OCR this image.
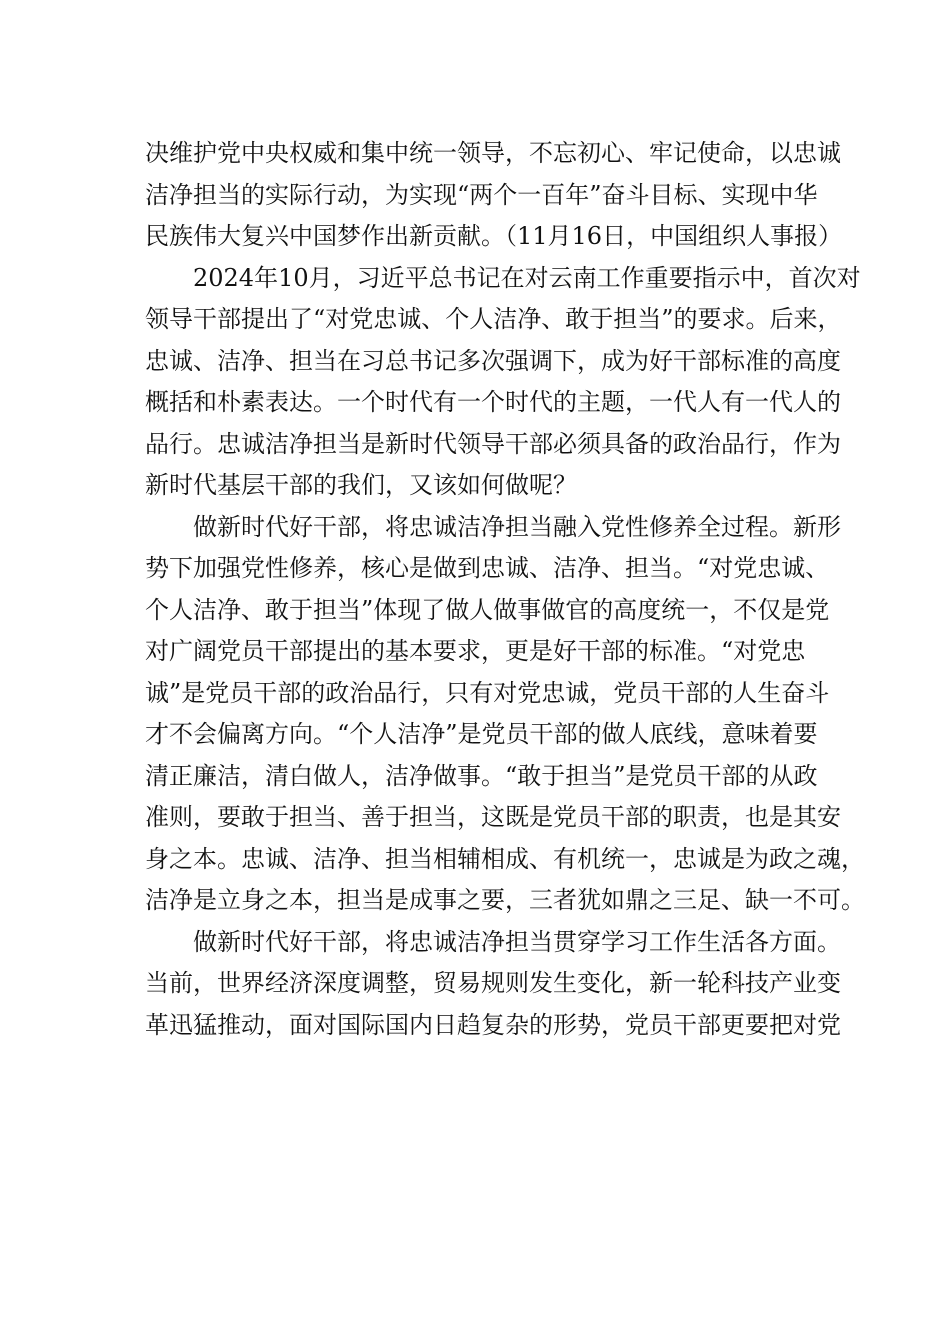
决维护党中央权威和集中统一领导，不忘初心、牢记使命，以忠诚
洁净担当的实际行动，为实现“两个一百年”奋斗目标、实现中华
民族伟大复兴中国梦作出新贡献。（11月16日，中国组织人事报）
2024年10月，习近平总书记在对云南工作重要指示中，首次对
领导干部提出了“对党忠诚、个人洁净、敢于担当”的要求。后来，
忠诚、洁净、担当在习总书记多次强调下，成为好干部标准的高度
概括和朴素表达。一个时代有一个时代的主题，一代人有一代人的
品行。忠诚洁净担当是新时代领导干部必须具备的政治品行，作为
新时代基层干部的我们，又该如何做呢？
做新时代好干部，将忠诚洁净担当融入党性修养全过程。新形
势下加强党性修养，核心是做到忠诚、洁净、担当。“对党忠诚、
个人洁净、敢于担当”体现了做人做事做官的高度统一，不仅是党
对广阔党员干部提出的基本要求，更是好干部的标准。“对党忠
诚”是党员干部的政治品行，只有对党忠诚，党员干部的人生奋斗
才不会偏离方向。“个人洁净”是党员干部的做人底线，意味着要
清正廉洁，清白做人，洁净做事。“敢于担当”是党员干部的从政
准则，要敢于担当、善于担当，这既是党员干部的职责，也是其安
身之本。忠诚、洁净、担当相辅相成、有机统一，忠诚是为政之魂，
洁净是立身之本，担当是成事之要，三者犹如鼎之三足、缺一不可。
做新时代好干部，将忠诚洁净担当贯穿学习工作生活各方面。
当前，世界经济深度调整，贸易规则发生变化，新一轮科技产业变
革迅猛推动，面对国际国内日趋复杂的形势，党员干部更要把对党
